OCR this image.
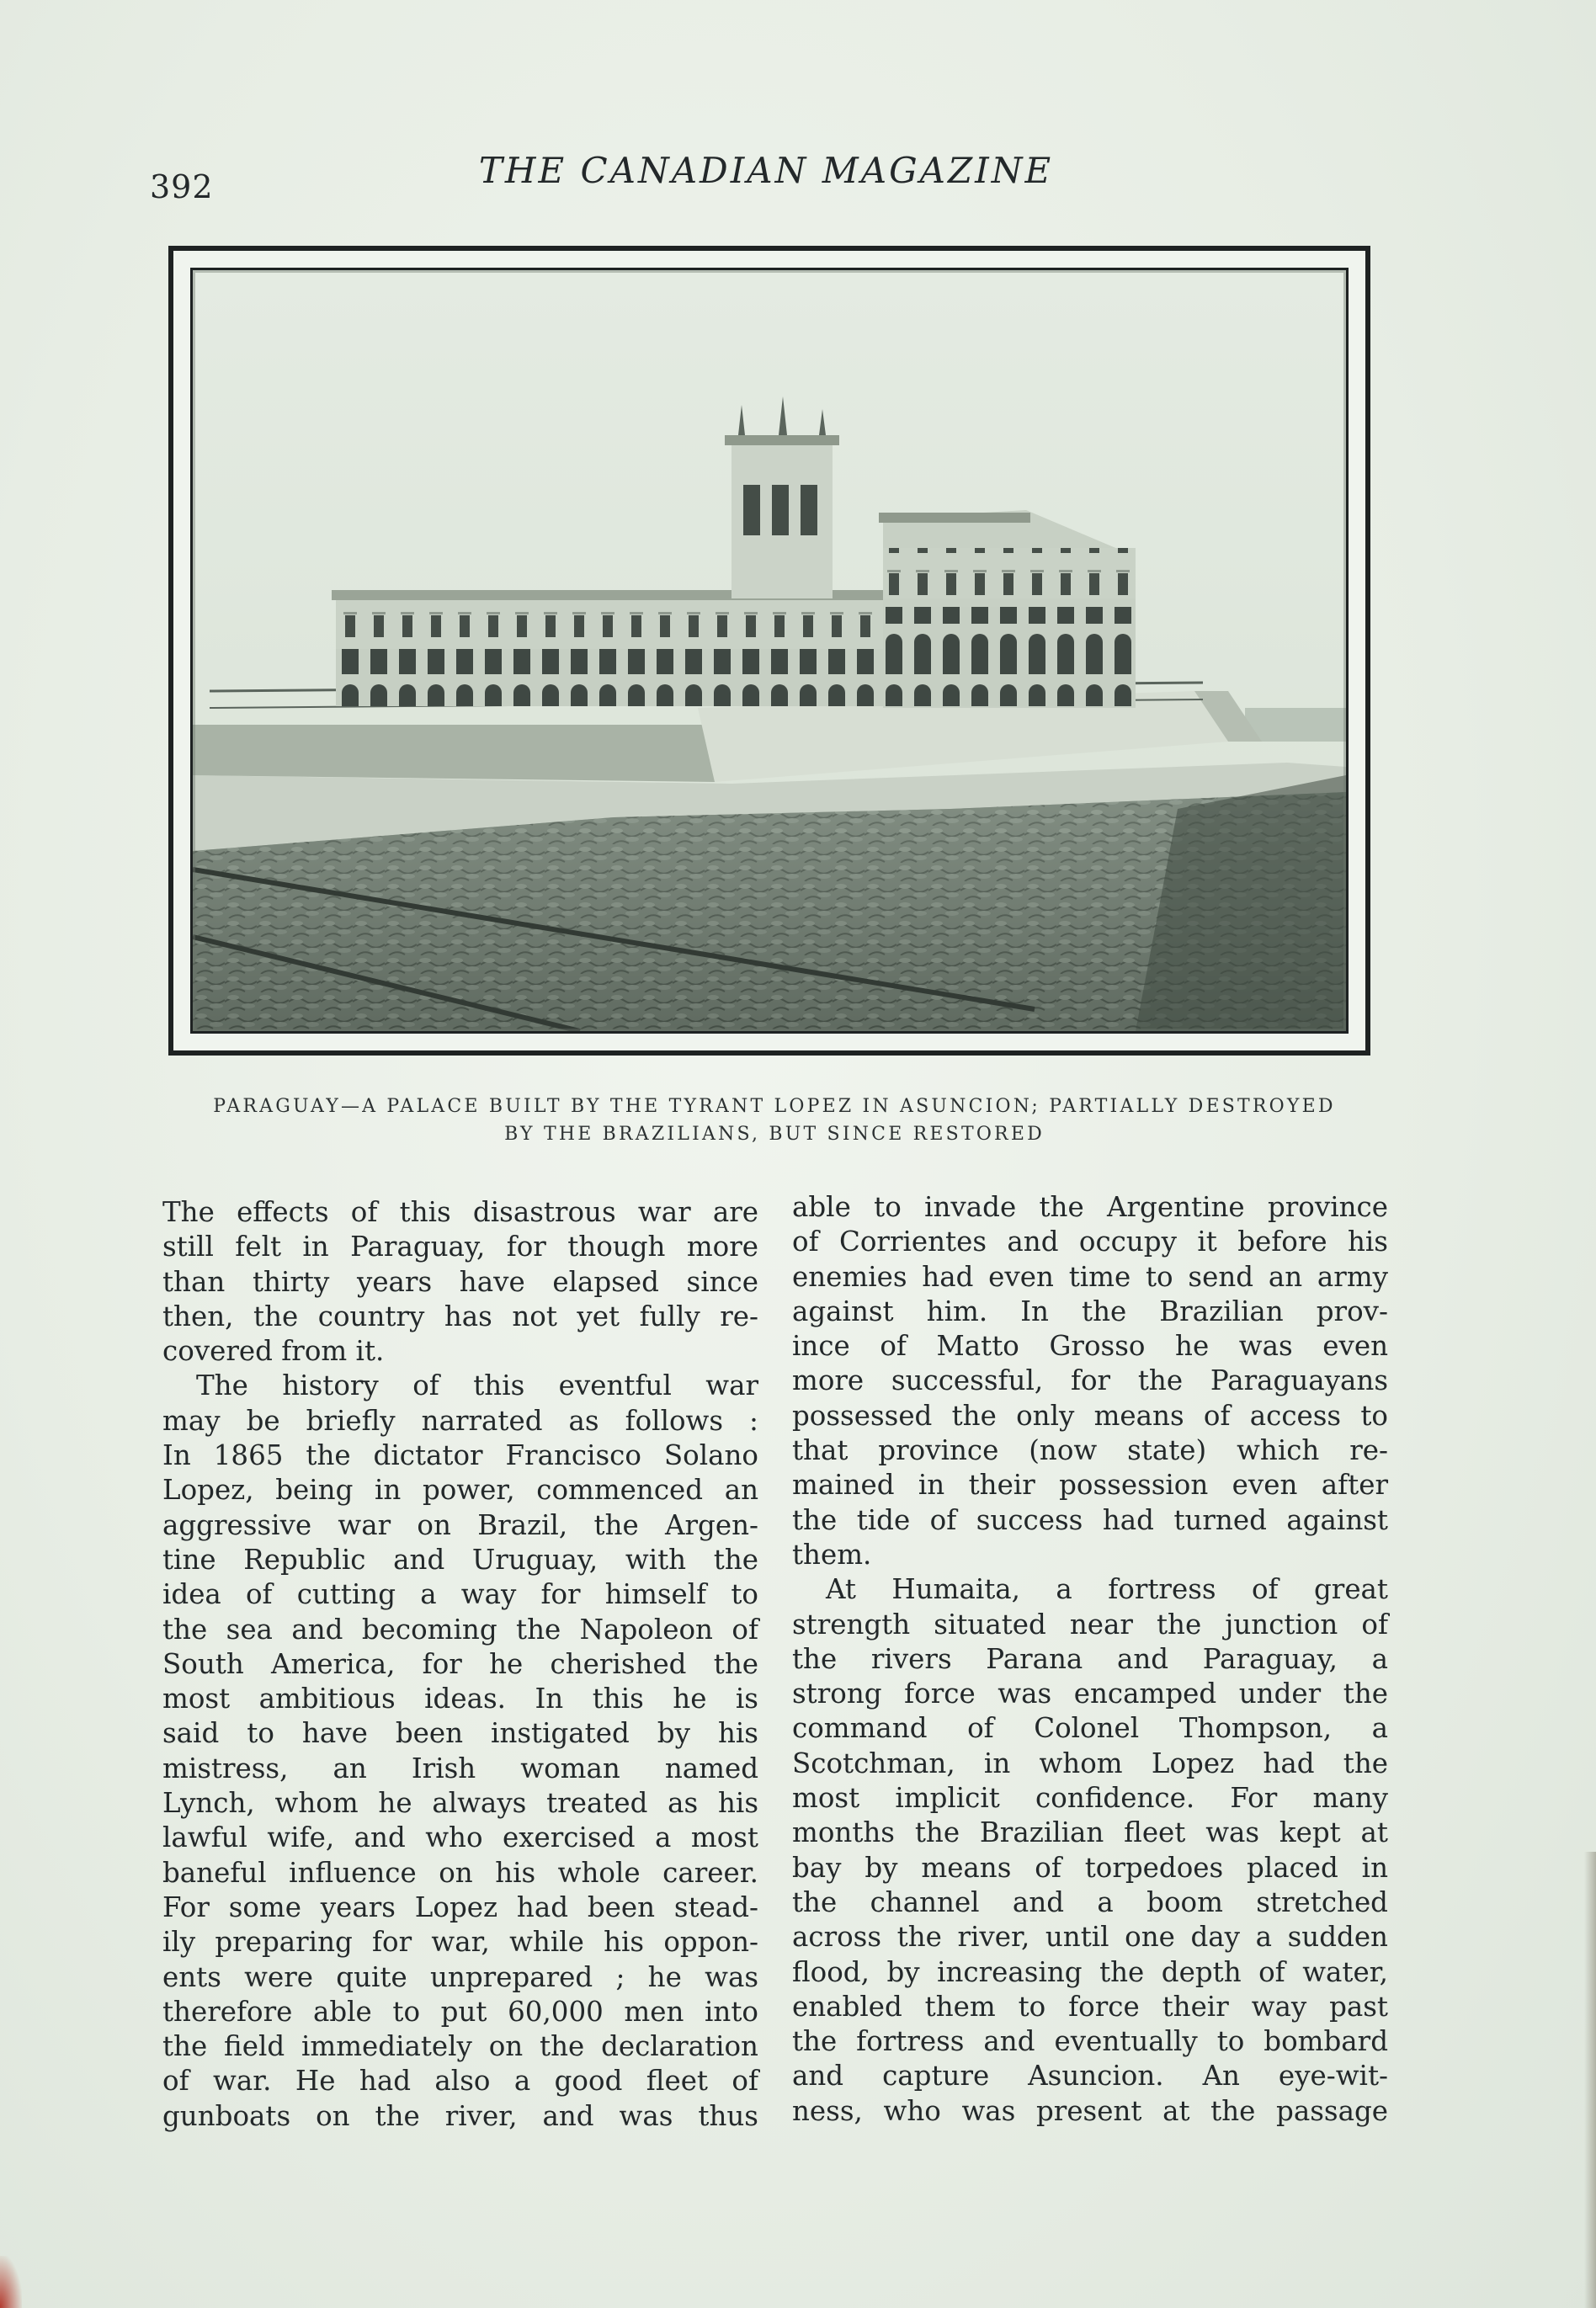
392	THE CANADIAN MAGAZINE
PARAGUAY—A PALACE BUILT BY THE TYRANT LOPEZ IN ASUNCION; PARTIALLY DESTROYED
BY THE BRAZILIANS, BUT SINCE RESTORED

The effects of this disastrous war are
still felt in Paraguay, for though more
than thirty years have elapsed since
then, the country has not yet fully re-
covered from it.

The history of this eventful war
may be briefly narrated as follows :
In 1865 the dictator Francisco Solano
Lopez, being in power, commenced an
aggressive war on Brazil, the Argen-
tine Republic and Uruguay, with the
idea of cutting a way for himself to
the sea and becoming the Napoleon of
South America, for he cherished the
most ambitious ideas. In this he is
said to have been instigated by his
mistress, an Irish woman named
Lynch, whom he always treated as his
lawful wife, and who exercised a most
baneful influence on his whole career.
For some years Lopez had been stead-
ily preparing for war, while his oppon-
ents were quite unprepared ; he was
therefore able to put 60,000 men into
the field immediately on the declaration
of war. He had also a good fleet of
gunboats on the river, and was thus

able to invade the Argentine province
of Corrientes and occupy it before his
enemies had even time to send an army
against him. In the Brazilian prov-
ince of Matto Grosso he was even
more successful, for the Paraguayans
possessed the only means of access to
that province (now state) which re-
mained in their possession even after
the tide of success had turned against
them.

At Humaita, a fortress of great
strength situated near the junction of
the rivers Parana and Paraguay, a
strong force was encamped under the
command of Colonel Thompson, a
Scotchman, in whom Lopez had the
most implicit confidence. For many
months the Brazilian fleet was kept at
bay by means of torpedoes placed in
the channel and a boom stretched
across the river, until one day a sudden
flood, by increasing the depth of water,
enabled them to force their way past
the fortress and eventually to bombard
and capture Asuncion. An eye-wit-
ness, who was present at the passage
